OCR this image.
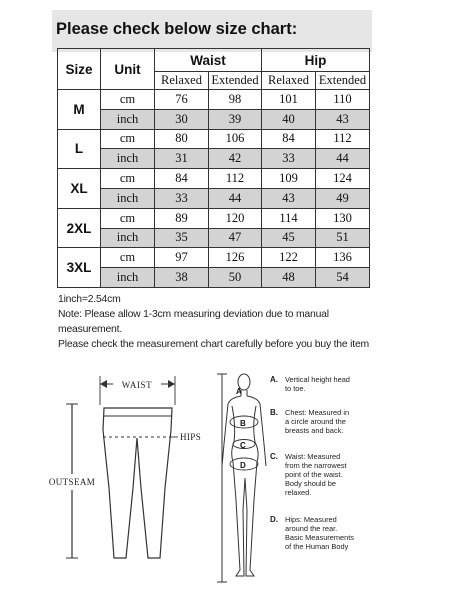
Please check below size chart:
Size	Unit	Waist		Hip	
		Relaxed	Extended	Relaxed	Extended
M	cm	76	98	101	110
	inch	30	39	40	43
L	cm	80	106	84	112
	inch	31	42	33	44
XL	cm	84	112	109	124
	inch	33	44	43	49
2XL	cm	89	120	114	130
	inch	35	47	45	51
3XL	cm	97	126	122	136
	inch	38	50	48	54
1inch=2.54cm
Note: Please allow 1-3cm measuring deviation due to manual
measurement.
Please check the measurement chart carefully before you buy the item
WAIST
HIPS
OUTSEAM
A
B
C
D
A. Vertical height head
to toe.
B. Chest: Measured in
a circle around the
breasts and back.
C. Waist: Measured
from the narrowest
point of the waist.
Body should be
relaxed.
D. Hips: Measured
around the rear.
Basic Measurements
of the Human Body
